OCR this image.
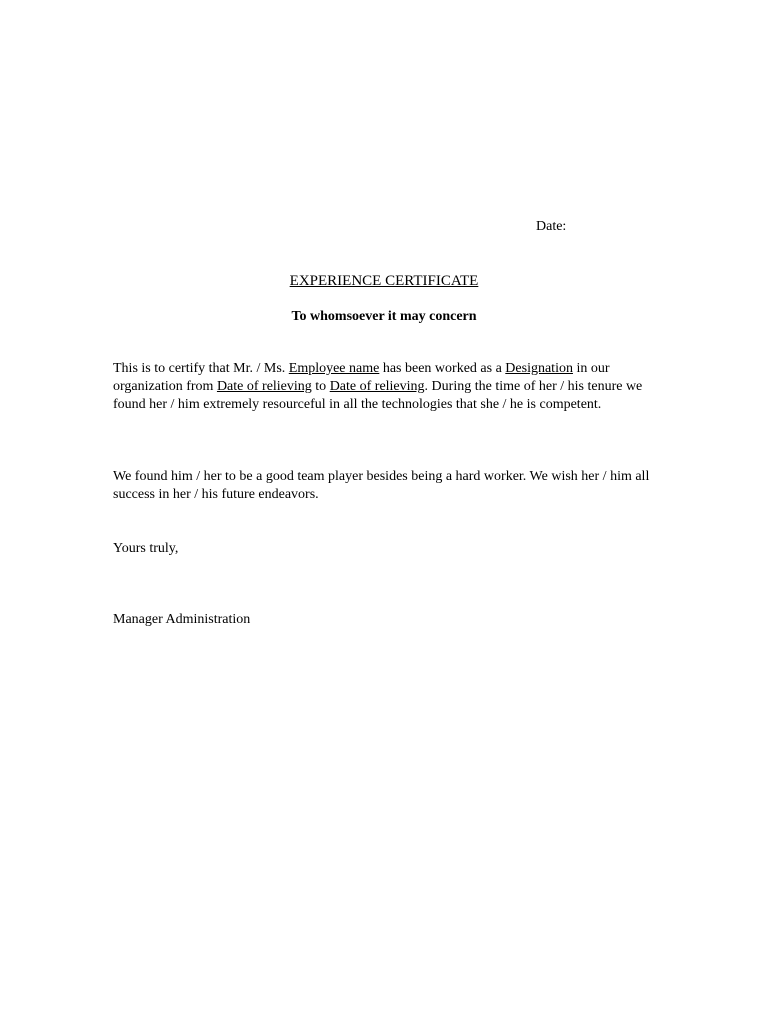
Date:
EXPERIENCE CERTIFICATE
To whomsoever it may concern

This is to certify that Mr. / Ms. Employee name has been worked as a Designation in our organization from Date of relieving to Date of relieving. During the time of her / his tenure we found her / him extremely resourceful in all the technologies that she / he is competent.

We found him / her to be a good team player besides being a hard worker. We wish her / him all success in her / his future endeavors.

Yours truly,
Manager Administration
